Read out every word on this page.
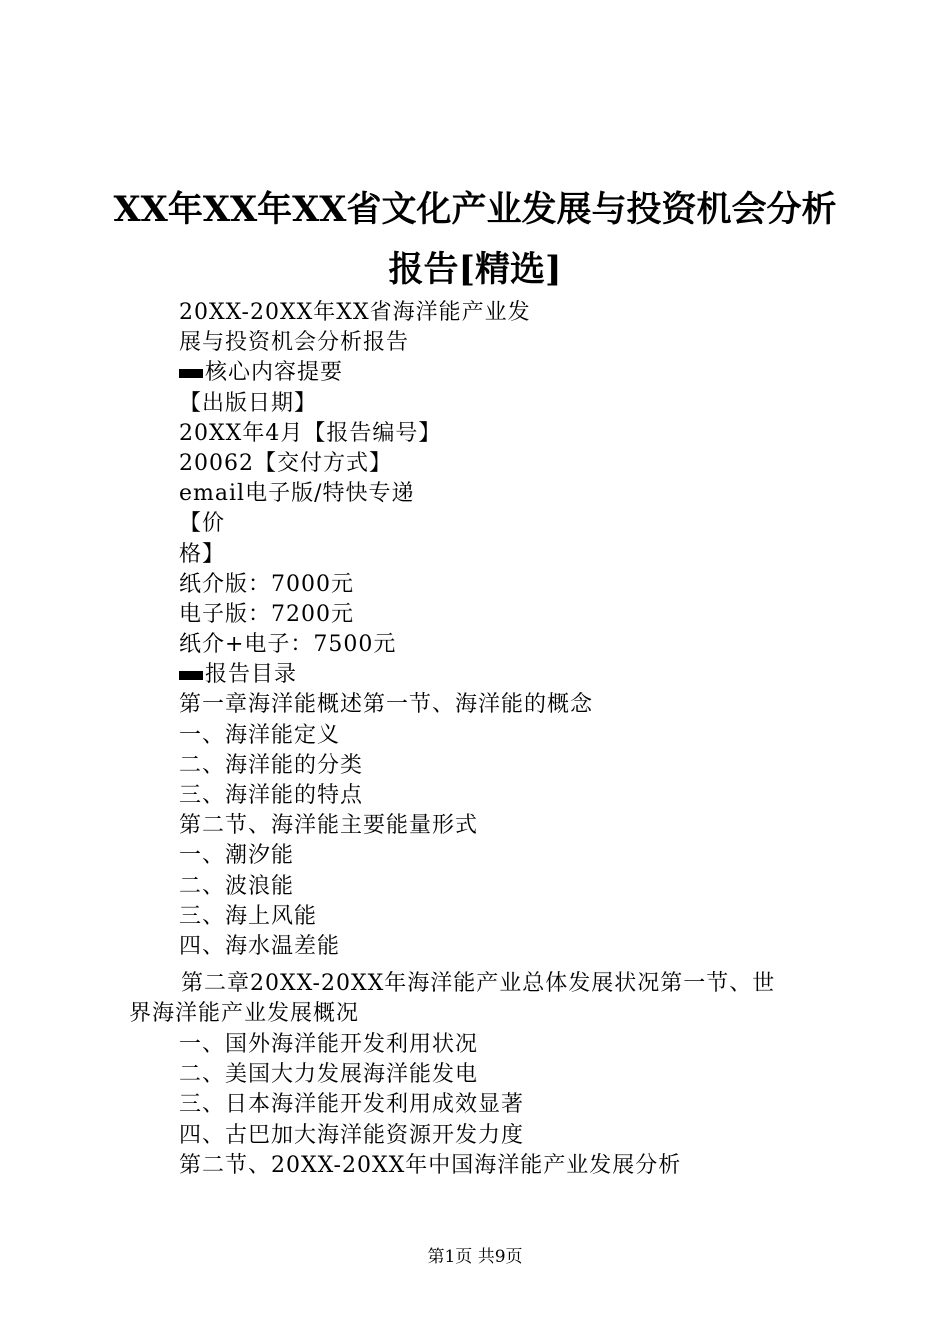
XX年XX年XX省文化产业发展与投资机会分析
报告[精选]
20XX-20XX年XX省海洋能产业发
展与投资机会分析报告
核心内容提要
【出版日期】
20XX年4月【报告编号】
20062【交付方式】
email电子版/特快专递
【价
格】
纸介版：7000元
电子版：7200元
纸介+电子：7500元
报告目录
第一章海洋能概述第一节、海洋能的概念
一、海洋能定义
二、海洋能的分类
三、海洋能的特点
第二节、海洋能主要能量形式
一、潮汐能
二、波浪能
三、海上风能
四、海水温差能
第二章20XX-20XX年海洋能产业总体发展状况第一节、世
界海洋能产业发展概况
一、国外海洋能开发利用状况
二、美国大力发展海洋能发电
三、日本海洋能开发利用成效显著
四、古巴加大海洋能资源开发力度
第二节、20XX-20XX年中国海洋能产业发展分析
第1页 共9页
